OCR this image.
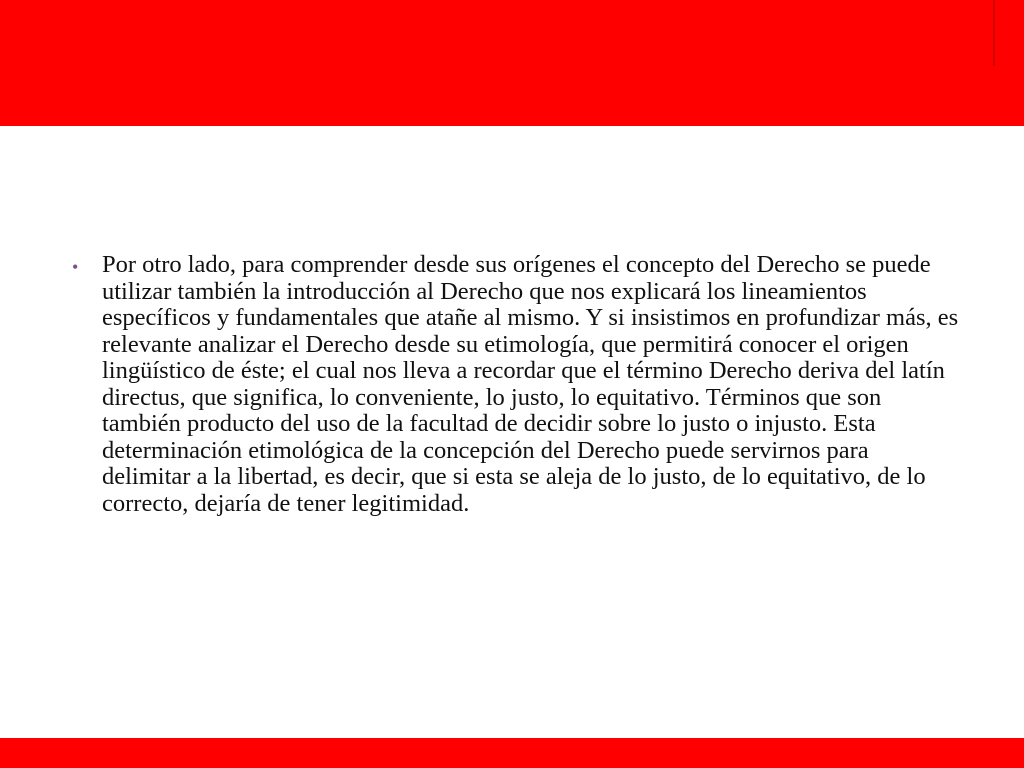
• Por otro lado, para comprender desde sus orígenes el concepto del Derecho se puede utilizar también la introducción al Derecho que nos explicará los lineamientos específicos y fundamentales que atañe al mismo. Y si insistimos en profundizar más, es relevante analizar el Derecho desde su etimología, que permitirá conocer el origen lingüístico de éste; el cual nos lleva a recordar que el término Derecho deriva del latín directus, que significa, lo conveniente, lo justo, lo equitativo. Términos que son también producto del uso de la facultad de decidir sobre lo justo o injusto. Esta determinación etimológica de la concepción del Derecho puede servirnos para delimitar a la libertad, es decir, que si esta se aleja de lo justo, de lo equitativo, de lo correcto, dejaría de tener legitimidad.
